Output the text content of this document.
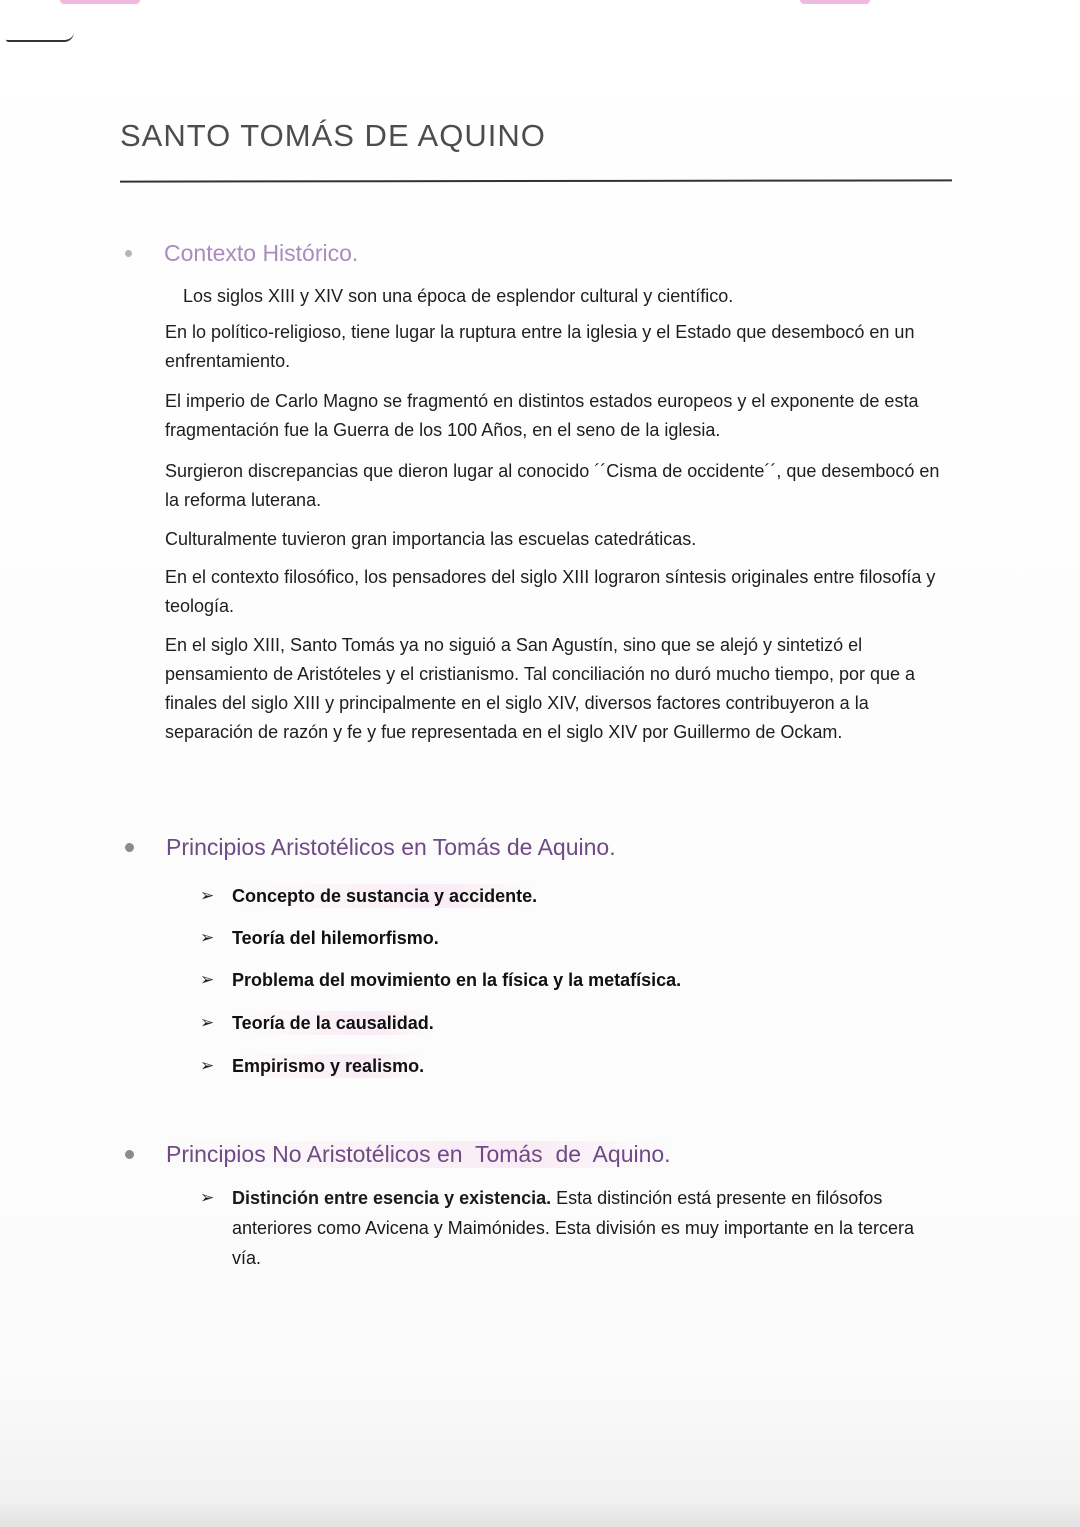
SANTO TOMÁS DE AQUINO
Contexto Histórico.

Los siglos XIII y XIV son una época de esplendor cultural y científico.

En lo político-religioso, tiene lugar la ruptura entre la iglesia y el Estado que desembocó en un enfrentamiento.

El imperio de Carlo Magno se fragmentó en distintos estados europeos y el exponente de esta fragmentación fue la Guerra de los 100 Años, en el seno de la iglesia.

Surgieron discrepancias que dieron lugar al conocido ´´Cisma de occidente´´, que desembocó en la reforma luterana.

Culturalmente tuvieron gran importancia las escuelas catedráticas.

En el contexto filosófico, los pensadores del siglo XIII lograron síntesis originales entre filosofía y teología.

En el siglo XIII, Santo Tomás ya no siguió a San Agustín, sino que se alejó y sintetizó el pensamiento de Aristóteles y el cristianismo. Tal conciliación no duró mucho tiempo, por que a finales del siglo XIII y principalmente en el siglo XIV, diversos factores contribuyeron a la separación de razón y fe y fue representada en el siglo XIV por Guillermo de Ockam.

Principios Aristotélicos en Tomás de Aquino.
➢ Concepto de sustancia y accidente.
➢ Teoría del hilemorfismo.
➢ Problema del movimiento en la física y la metafísica.
➢ Teoría de la causalidad.
➢ Empirismo y realismo.
Principios No Aristotélicos en  Tomás  de  Aquino.
➢ Distinción entre esencia y existencia. Esta distinción está presente en filósofos anteriores como Avicena y Maimónides. Esta división es muy importante en la tercera vía.
